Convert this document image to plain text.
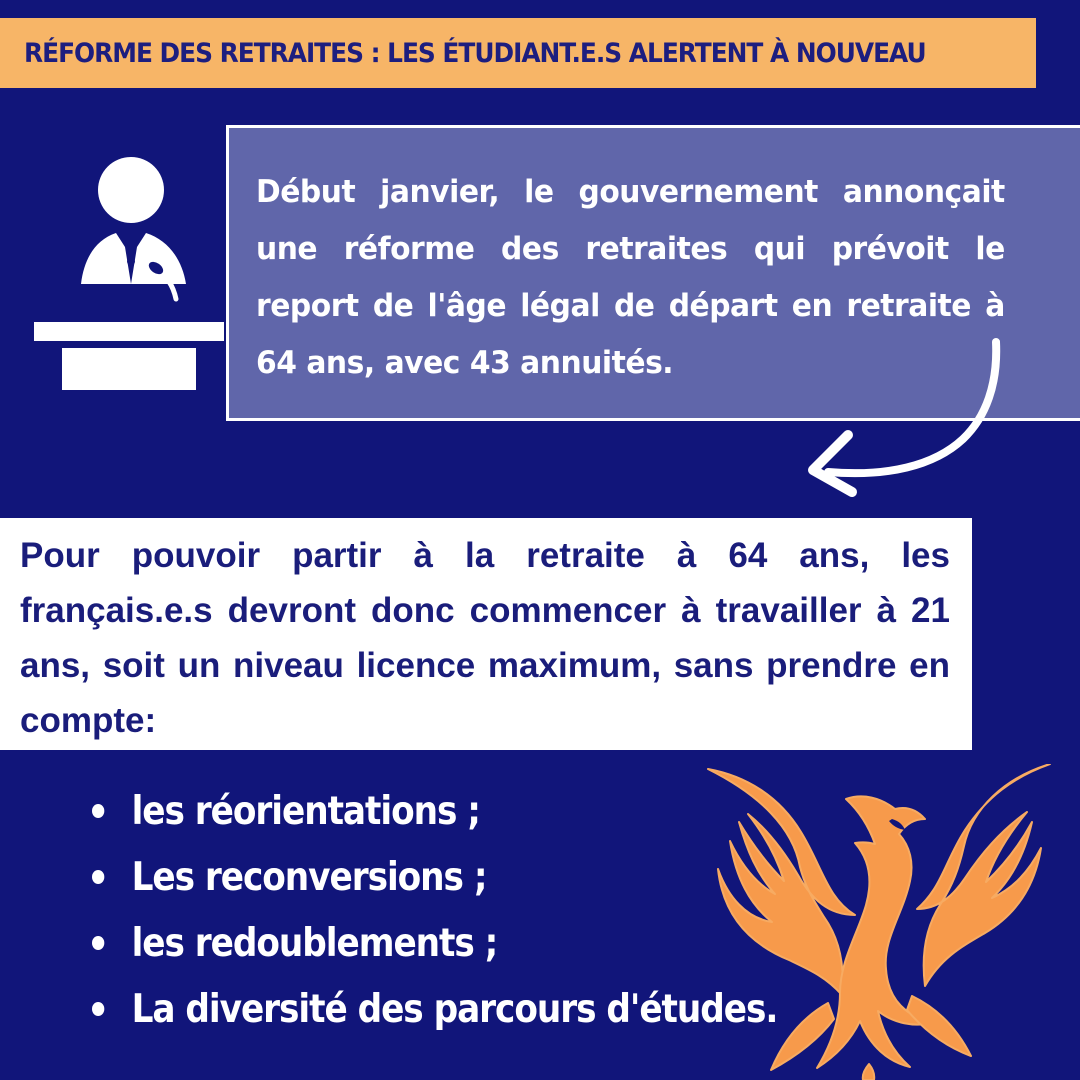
RÉFORME DES RETRAITES : LES ÉTUDIANT.E.S ALERTENT À NOUVEAU
Début janvier, le gouvernement annonçait une réforme des retraites qui prévoit le report de l'âge légal de départ en retraite à 64 ans, avec 43 annuités.
Pour pouvoir partir à la retraite à 64 ans, les français.e.s devront donc commencer à travailler à 21 ans, soit un niveau licence maximum, sans prendre en compte:
les réorientations ;
Les reconversions ;
les redoublements ;
La diversité des parcours d'études.
